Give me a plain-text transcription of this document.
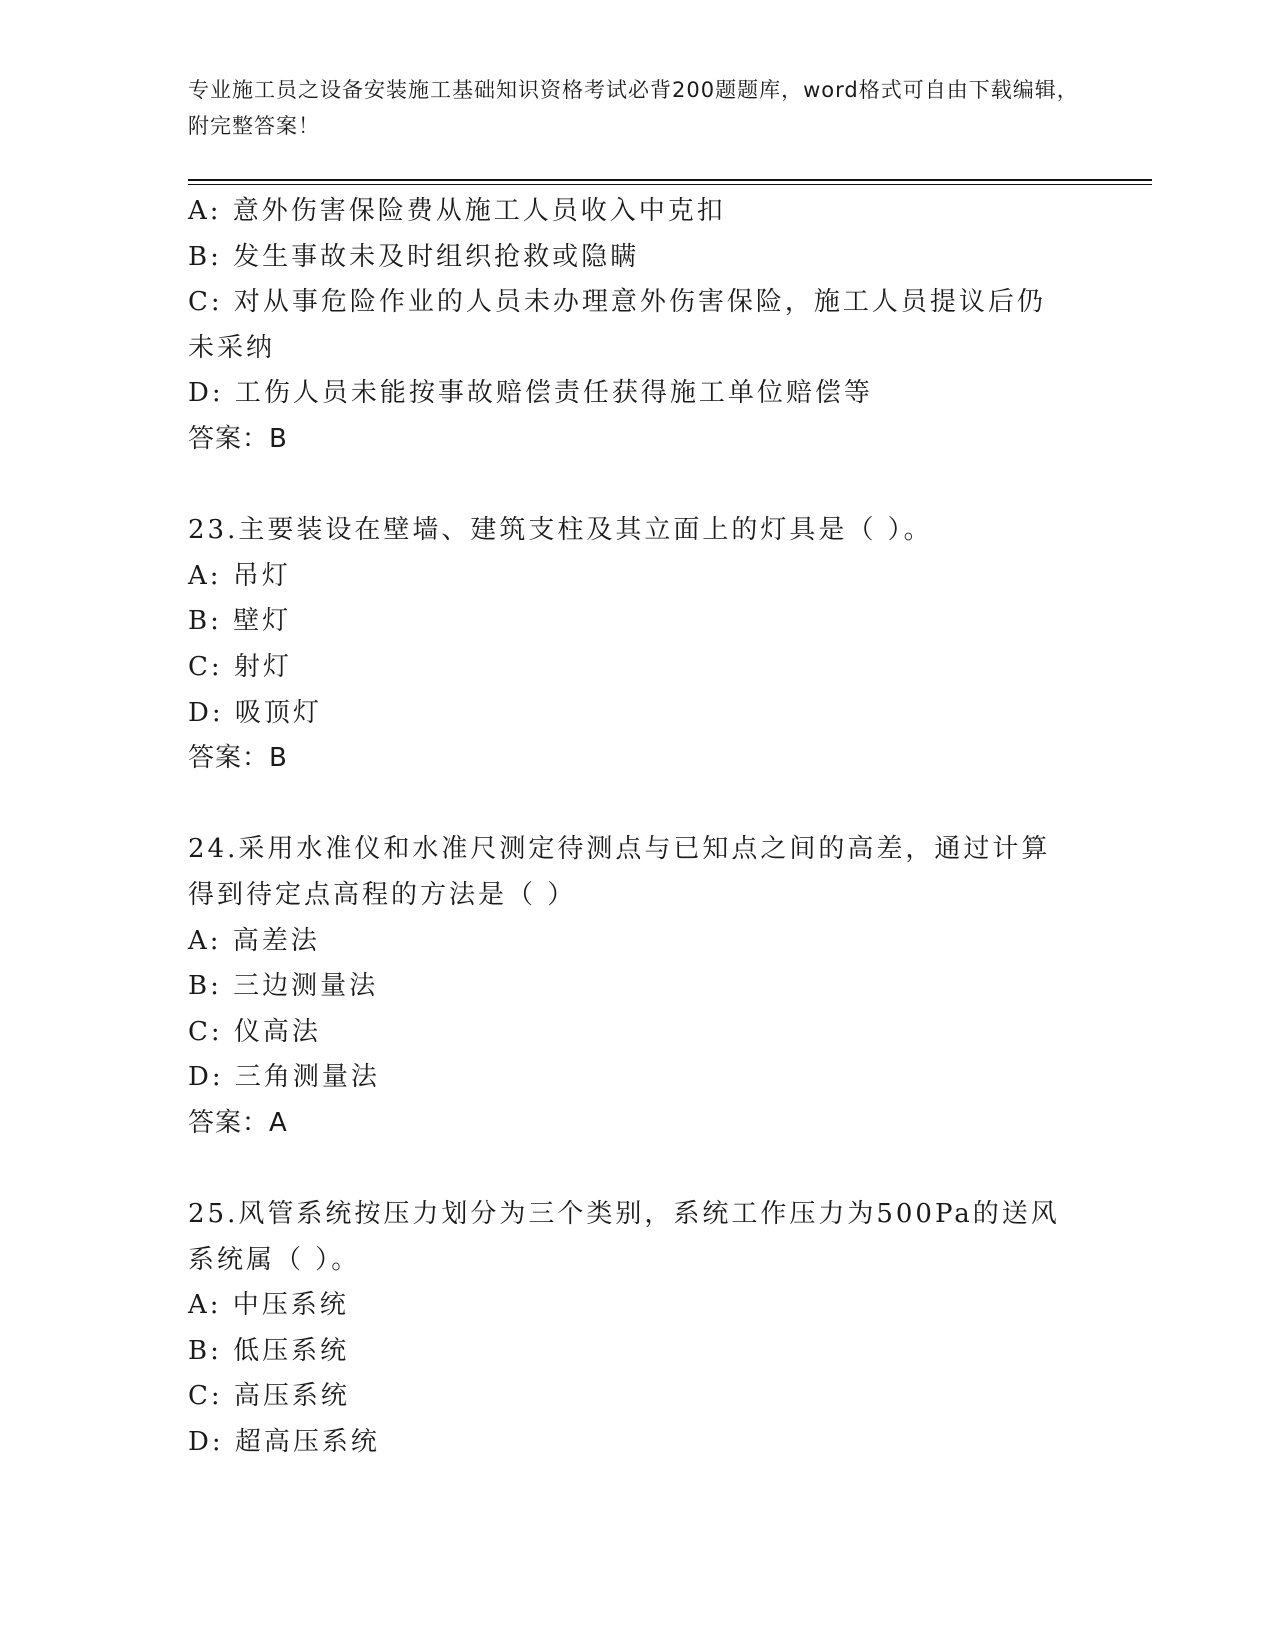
专业施工员之设备安装施工基础知识资格考试必背200题题库，word格式可自由下载编辑，附完整答案！
A: 意外伤害保险费从施工人员收入中克扣
B: 发生事故未及时组织抢救或隐瞒
C: 对从事危险作业的人员未办理意外伤害保险，施工人员提议后仍未采纳
D: 工伤人员未能按事故赔偿责任获得施工单位赔偿等
答案：B
23.主要装设在壁墙、建筑支柱及其立面上的灯具是（ ）。
A: 吊灯
B: 壁灯
C: 射灯
D: 吸顶灯
答案：B
24.采用水准仪和水准尺测定待测点与已知点之间的高差，通过计算得到待定点高程的方法是（ ）
A: 高差法
B: 三边测量法
C: 仪高法
D: 三角测量法
答案：A
25.风管系统按压力划分为三个类别，系统工作压力为500Pa的送风系统属（ ）。
A: 中压系统
B: 低压系统
C: 高压系统
D: 超高压系统
